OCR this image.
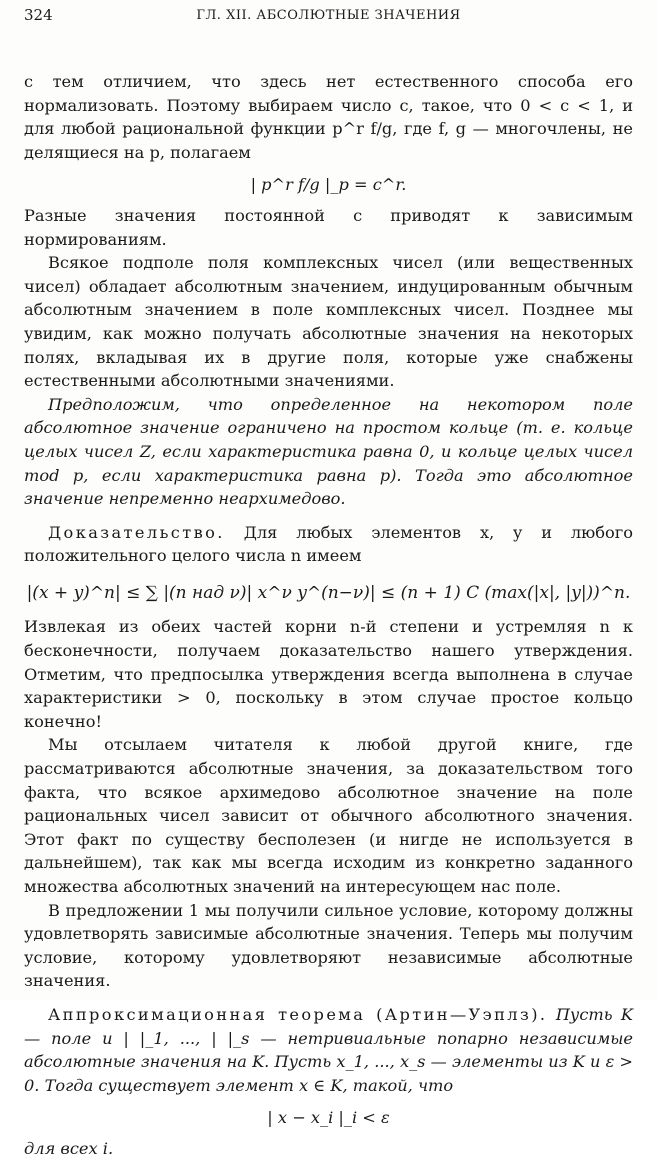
324	ГЛ. XII. АБСОЛЮТНЫЕ ЗНАЧЕНИЯ

с тем отличием, что здесь нет естественного способа его нормализовать. Поэтому выбираем число c, такое, что 0 < c < 1, и для любой рациональной функции p^r f/g, где f, g — многочлены, не делящиеся на p, полагаем

| p^r f/g |_p = c^r.

Разные значения постоянной c приводят к зависимым нормированиям.

Всякое подполе поля комплексных чисел (или вещественных чисел) обладает абсолютным значением, индуцированным обычным абсолютным значением в поле комплексных чисел. Позднее мы увидим, как можно получать абсолютные значения на некоторых полях, вкладывая их в другие поля, которые уже снабжены естественными абсолютными значениями.

Предположим, что определенное на некотором поле абсолютное значение ограничено на простом кольце (т. е. кольце целых чисел Z, если характеристика равна 0, и кольце целых чисел mod p, если характеристика равна p). Тогда это абсолютное значение непременно неархимедово.

Доказательство. Для любых элементов x, y и любого положительного целого числа n имеем

|(x + y)^n| ≤ ∑ |(n над ν)| x^ν y^(n−ν)| ≤ (n + 1) C (max(|x|, |y|))^n.

Извлекая из обеих частей корни n-й степени и устремляя n к бесконечности, получаем доказательство нашего утверждения. Отметим, что предпосылка утверждения всегда выполнена в случае характеристики > 0, поскольку в этом случае простое кольцо конечно!

Мы отсылаем читателя к любой другой книге, где рассматриваются абсолютные значения, за доказательством того факта, что всякое архимедово абсолютное значение на поле рациональных чисел зависит от обычного абсолютного значения. Этот факт по существу бесполезен (и нигде не используется в дальнейшем), так как мы всегда исходим из конкретно заданного множества абсолютных значений на интересующем нас поле.

В предложении 1 мы получили сильное условие, которому должны удовлетворять зависимые абсолютные значения. Теперь мы получим условие, которому удовлетворяют независимые абсолютные значения.

Аппроксимационная теорема (Артин—Уэплз). Пусть K — поле и | |_1, ..., | |_s — нетривиальные попарно независимые абсолютные значения на K. Пусть x_1, ..., x_s — элементы из K и ε > 0. Тогда существует элемент x ∈ K, такой, что

| x − x_i |_i < ε

для всех i.
